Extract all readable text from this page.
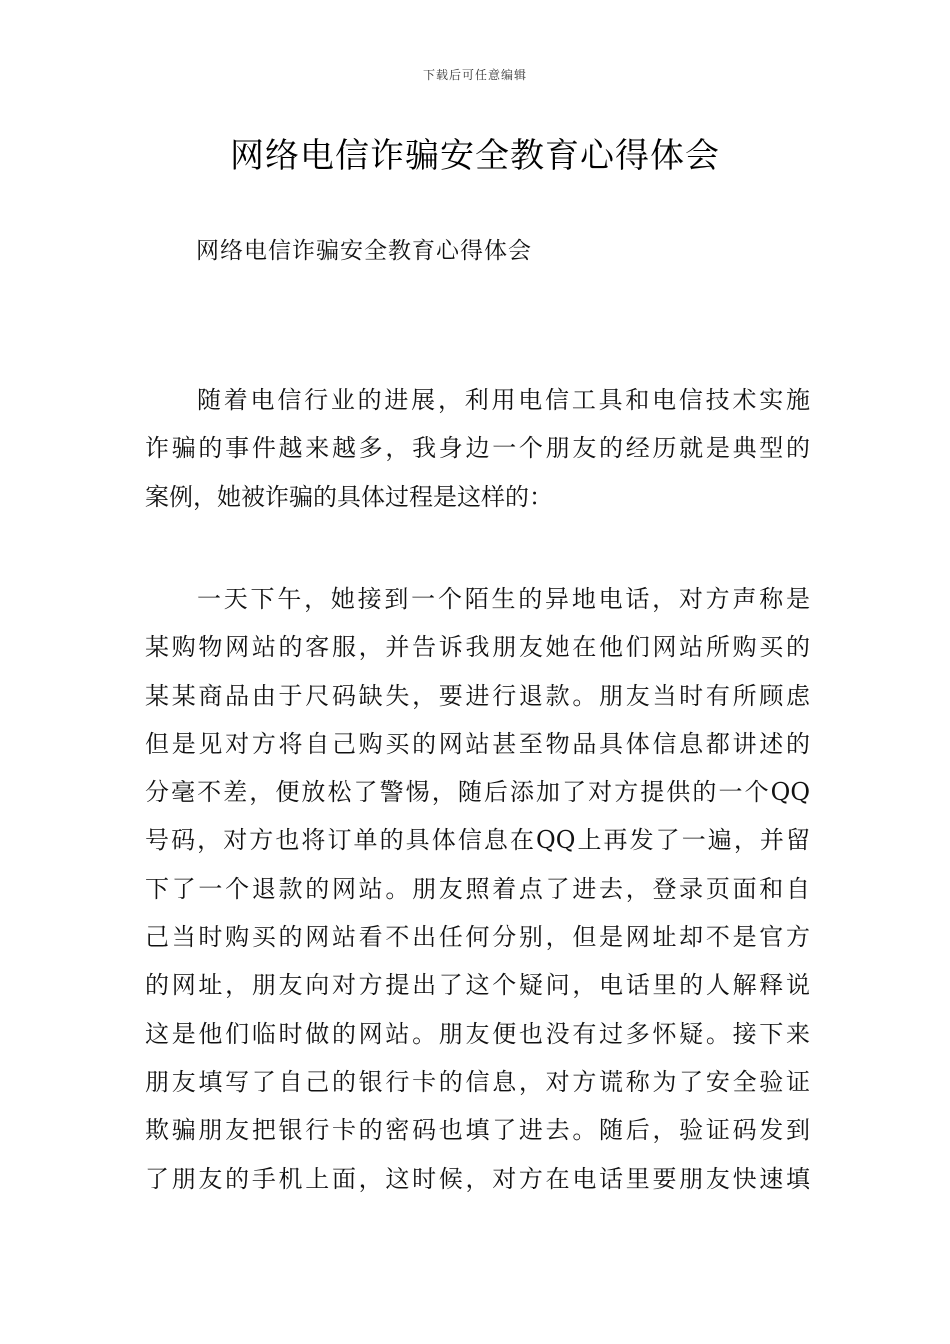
下载后可任意编辑
网络电信诈骗安全教育心得体会
网络电信诈骗安全教育心得体会
随着电信行业的进展，利用电信工具和电信技术实施
诈骗的事件越来越多，我身边一个朋友的经历就是典型的
案例，她被诈骗的具体过程是这样的：
一天下午，她接到一个陌生的异地电话，对方声称是
某购物网站的客服，并告诉我朋友她在他们网站所购买的
某某商品由于尺码缺失，要进行退款。朋友当时有所顾虑
但是见对方将自己购买的网站甚至物品具体信息都讲述的
分毫不差，便放松了警惕，随后添加了对方提供的一个QQ
号码，对方也将订单的具体信息在QQ上再发了一遍，并留
下了一个退款的网站。朋友照着点了进去，登录页面和自
己当时购买的网站看不出任何分别，但是网址却不是官方
的网址，朋友向对方提出了这个疑问，电话里的人解释说
这是他们临时做的网站。朋友便也没有过多怀疑。接下来
朋友填写了自己的银行卡的信息，对方谎称为了安全验证
欺骗朋友把银行卡的密码也填了进去。随后，验证码发到
了朋友的手机上面，这时候，对方在电话里要朋友快速填
